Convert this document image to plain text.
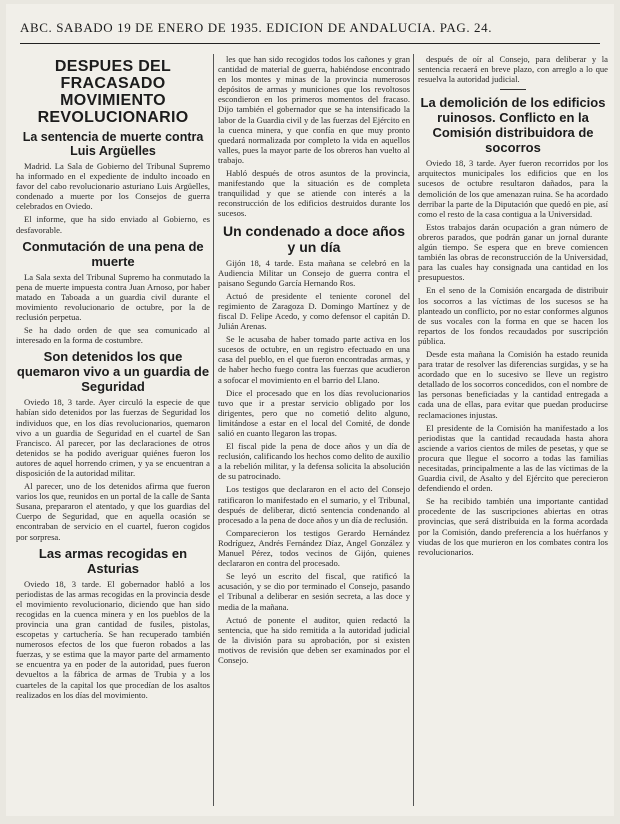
ABC. SABADO 19 DE ENERO DE 1935. EDICION DE ANDALUCIA. PAG. 24.
DESPUES DEL FRACASADO MOVIMIENTO REVOLUCIONARIO
La sentencia de muerte contra Luis Argüelles

Madrid. La Sala de Gobierno del Tribunal Supremo ha informado en el expediente de indulto incoado en favor del cabo revolucionario asturiano Luis Argüelles, condenado a muerte por los Consejos de guerra celebrados en Oviedo.

El informe, que ha sido enviado al Gobierno, es desfavorable.

Conmutación de una pena de muerte

La Sala sexta del Tribunal Supremo ha conmutado la pena de muerte impuesta contra Juan Arnoso, por haber matado en Taboada a un guardia civil durante el movimiento revolucionario de octubre, por la de reclusión perpetua.

Se ha dado orden de que sea comunicado al interesado en la forma de costumbre.

Son detenidos los que quemaron vivo a un guardia de Seguridad

Oviedo 18, 3 tarde. Ayer circuló la especie de que habían sido detenidos por las fuerzas de Seguridad los individuos que, en los días revolucionarios, quemaron vivo a un guardia de Seguridad en el cuartel de San Francisco. Al parecer, por las declaraciones de otros detenidos se ha podido averiguar quiénes fueron los autores de aquel horrendo crimen, y ya se encuentran a disposición de la autoridad militar.

Al parecer, uno de los detenidos afirma que fueron varios los que, reunidos en un portal de la calle de Santa Susana, prepararon el atentado, y que los guardias del Cuerpo de Seguridad, que en aquella ocasión se encontraban de servicio en el cuartel, fueron cogidos por sorpresa.

Las armas recogidas en Asturias

Oviedo 18, 3 tarde. El gobernador habló a los periodistas de las armas recogidas en la provincia desde el movimiento revolucionario, diciendo que han sido recogidas en la cuenca minera y en los pueblos de la provincia una gran cantidad de fusiles, pistolas, escopetas y cartuchería. Se han recuperado también numerosos efectos de los que fueron robados a las fuerzas, y se estima que la mayor parte del armamento se encuentra ya en poder de la autoridad, pues fueron devueltos a la fábrica de armas de Trubia y a los cuarteles de la capital los que procedían de los asaltos realizados en los días del movimiento.

les que han sido recogidos todos los cañones y gran cantidad de material de guerra, habiéndose encontrado en los montes y minas de la provincia numerosos depósitos de armas y municiones que los revoltosos escondieron en los primeros momentos del fracaso. Dijo también el gobernador que se ha intensificado la labor de la Guardia civil y de las fuerzas del Ejército en la cuenca minera, y que confía en que muy pronto quedará normalizada por completo la vida en aquellos valles, pues la mayor parte de los obreros han vuelto al trabajo.

Habló después de otros asuntos de la provincia, manifestando que la situación es de completa tranquilidad y que se atiende con interés a la reconstrucción de los edificios destruidos durante los sucesos.

Un condenado a doce años y un día

Gijón 18, 4 tarde. Esta mañana se celebró en la Audiencia Militar un Consejo de guerra contra el paisano Segundo García Hernando Ros.

Actuó de presidente el teniente coronel del regimiento de Zaragoza D. Domingo Martínez y de fiscal D. Felipe Acedo, y como defensor el capitán D. Julián Arenas.

Se le acusaba de haber tomado parte activa en los sucesos de octubre, en un registro efectuado en una casa del pueblo, en el que fueron encontradas armas, y de haber hecho fuego contra las fuerzas que acudieron a sofocar el movimiento en el barrio del Llano.

Dice el procesado que en los días revolucionarios tuvo que ir a prestar servicio obligado por los dirigentes, pero que no cometió delito alguno, limitándose a estar en el local del Comité, de donde salió en cuanto llegaron las tropas.

El fiscal pide la pena de doce años y un día de reclusión, calificando los hechos como delito de auxilio a la rebelión militar, y la defensa solicita la absolución de su patrocinado.

Los testigos que declararon en el acto del Consejo ratificaron lo manifestado en el sumario, y el Tribunal, después de deliberar, dictó sentencia condenando al procesado a la pena de doce años y un día de reclusión.

Comparecieron los testigos Gerardo Hernández Rodríguez, Andrés Fernández Díaz, Angel González y Manuel Pérez, todos vecinos de Gijón, quienes declararon en contra del procesado.

Se leyó un escrito del fiscal, que ratificó la acusación, y se dio por terminado el Consejo, pasando el Tribunal a deliberar en sesión secreta, a las doce y media de la mañana.

Actuó de ponente el auditor, quien redactó la sentencia, que ha sido remitida a la autoridad judicial de la división para su aprobación, por si existen motivos de revisión que deben ser examinados por el Consejo.

después de oír al Consejo, para deliberar y la sentencia recaerá en breve plazo, con arreglo a lo que resuelva la autoridad judicial.

La demolición de los edificios ruinosos. Conflicto en la Comisión distribuidora de socorros

Oviedo 18, 3 tarde. Ayer fueron recorridos por los arquitectos municipales los edificios que en los sucesos de octubre resultaron dañados, para la demolición de los que amenazan ruina. Se ha acordado derribar la parte de la Diputación que quedó en pie, así como el resto de la casa contigua a la Universidad.

Estos trabajos darán ocupación a gran número de obreros parados, que podrán ganar un jornal durante algún tiempo. Se espera que en breve comiencen también las obras de reconstrucción de la Universidad, para las cuales hay consignada una cantidad en los presupuestos.

En el seno de la Comisión encargada de distribuir los socorros a las víctimas de los sucesos se ha planteado un conflicto, por no estar conformes algunos de sus vocales con la forma en que se hacen los repartos de los fondos recaudados por suscripción pública.

Desde esta mañana la Comisión ha estado reunida para tratar de resolver las diferencias surgidas, y se ha acordado que en lo sucesivo se lleve un registro detallado de los socorros concedidos, con el nombre de las personas beneficiadas y la cantidad entregada a cada una de ellas, para evitar que puedan producirse reclamaciones injustas.

El presidente de la Comisión ha manifestado a los periodistas que la cantidad recaudada hasta ahora asciende a varios cientos de miles de pesetas, y que se procura que llegue el socorro a todas las familias necesitadas, principalmente a las de las víctimas de la Guardia civil, de Asalto y del Ejército que perecieron defendiendo el orden.

Se ha recibido también una importante cantidad procedente de las suscripciones abiertas en otras provincias, que será distribuida en la forma acordada por la Comisión, dando preferencia a los huérfanos y viudas de los que murieron en los combates contra los revolucionarios.
